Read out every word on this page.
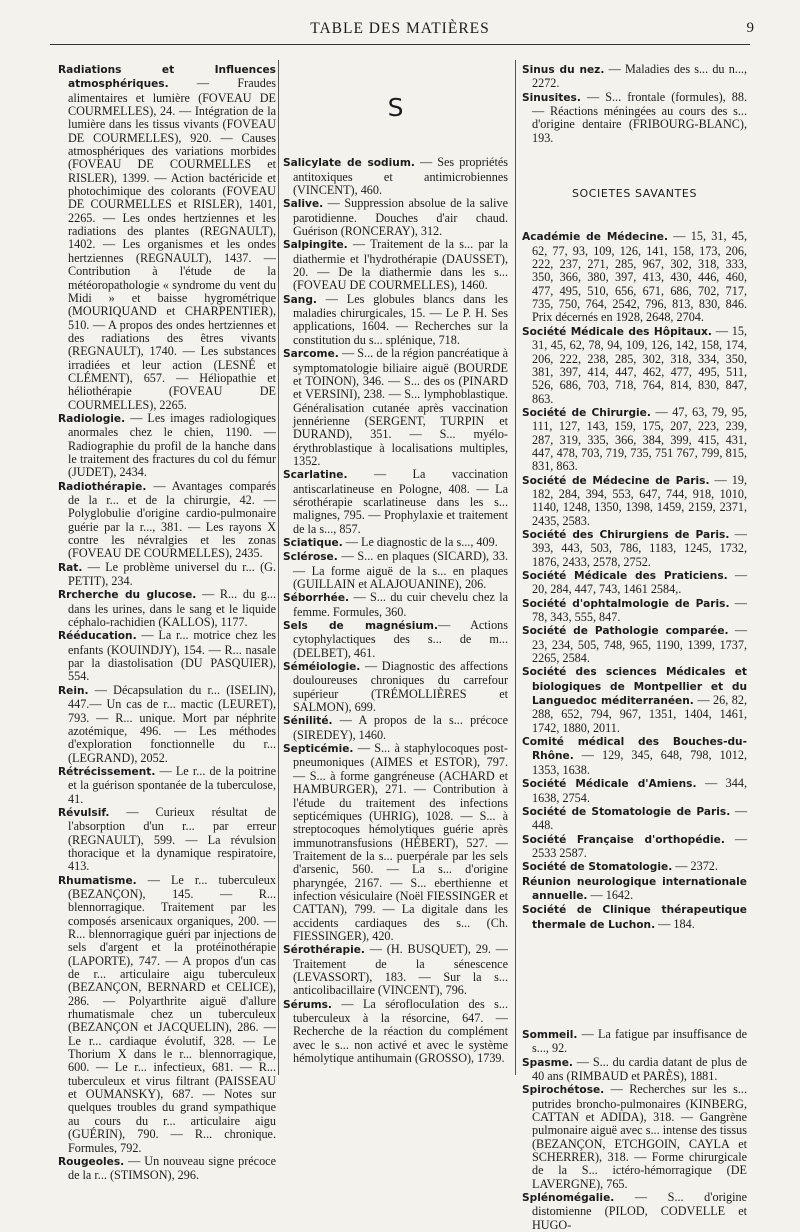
TABLE DES MATIÈRES	9
Radiations et Influences atmosphériques. — Fraudes alimentaires et lumière (FOVEAU DE COURMELLES), 24. — Intégration de la lumière dans les tissus vivants (FOVEAU DE COURMELLES), 920. — Causes atmosphériques des variations morbides (FOVEAU DE COURMELLES et RISLER), 1399. — Action bactéricide et photochimique des colorants (FOVEAU DE COURMELLES et RISLER), 1401, 2265. — Les ondes hertziennes et les radiations des plantes (REGNAULT), 1402. — Les organismes et les ondes hertziennes (REGNAULT), 1437. — Contribution à l'étude de la météoropathologie « syndrome du vent du Midi » et baisse hygrométrique (MOURIQUAND et CHARPENTIER), 510. — A propos des ondes hertziennes et des radiations des êtres vivants (REGNAULT), 1740. — Les substances irradiées et leur action (LESNÉ et CLÉMENT), 657. — Héliopathie et héliothérapie (FOVEAU DE COURMELLES), 2265.
Radiologie. — Les images radiologiques anormales chez le chien, 1190. — Radiographie du profil de la hanche dans le traitement des fractures du col du fémur (JUDET), 2434.
Radiothérapie. — Avantages comparés de la r... et de la chirurgie, 42. — Polyglobulie d'origine cardio-pulmonaire guérie par la r..., 381. — Les rayons X contre les névralgies et les zonas (FOVEAU DE COURMELLES), 2435.
Rat. — Le problème universel du r... (G. PETIT), 234.
Rrcherche du glucose. — R... du g... dans les urines, dans le sang et le liquide céphalo-rachidien (KALLOS), 1177.
Rééducation. — La r... motrice chez les enfants (KOUINDJY), 154. — R... nasale par la diastolisation (DU PASQUIER), 554.
Rein. — Décapsulation du r... (ISELIN), 447.— Un cas de r... mactic (LEURET), 793. — R... unique. Mort par néphrite azotémique, 496. — Les méthodes d'exploration fonctionnelle du r... (LEGRAND), 2052.
Rétrécissement. — Le r... de la poitrine et la guérison spontanée de la tuberculose, 41.
Révulsif. — Curieux résultat de l'absorption d'un r... par erreur (REGNAULT), 599. — La révulsion thoracique et la dynamique respiratoire, 413.
Rhumatisme. — Le r... tuberculeux (BEZANÇON), 145. — R... blennorragique. Traitement par les composés arsenicaux organiques, 200. — R... blennorragique guéri par injections de sels d'argent et la protéinothérapie (LAPORTE), 747. — A propos d'un cas de r... articulaire aigu tuberculeux (BEZANÇON, BERNARD et CELICE), 286. — Polyarthrite aiguë d'allure rhumatismale chez un tuberculeux (BEZANÇON et JACQUELIN), 286. — Le r... cardiaque évolutif, 328. — Le Thorium X dans le r... blennorragique, 600. — Le r... infectieux, 681. — R... tuberculeux et virus filtrant (PAISSEAU et OUMANSKY), 687. — Notes sur quelques troubles du grand sympathique au cours du r... articulaire aigu (GUÉRIN), 790. — R... chronique. Formules, 792.
Rougeoles. — Un nouveau signe précoce de la r... (STIMSON), 296.
S
Salicylate de sodium. — Ses propriétés antitoxiques et antimicrobiennes (VINCENT), 460.
Salive. — Suppression absolue de la salive parotidienne. Douches d'air chaud. Guérison (RONCERAY), 312.
Salpingite. — Traitement de la s... par la diathermie et l'hydrothérapie (DAUSSET), 20. — De la diathermie dans les s... (FOVEAU DE COURMELLES), 1460.
Sang. — Les globules blancs dans les maladies chirurgicales, 15. — Le P. H. Ses applications, 1604. — Recherches sur la constitution du s... splénique, 718.
Sarcome. — S... de la région pancréatique à symptomatologie biliaire aiguë (BOURDE et TOINON), 346. — S... des os (PINARD et VERSINI), 238. — S... lymphoblastique. Généralisation cutanée après vaccination jennérienne (SERGENT, TURPIN et DURAND), 351. — S... myélo-érythroblastique à localisations multiples, 1352.
Scarlatine. — La vaccination antiscarlatineuse en Pologne, 408. — La sérothérapie scarlatineuse dans les s... malignes, 795. — Prophylaxie et traitement de la s..., 857.
Sciatique. — Le diagnostic de la s..., 409.
Sclérose. — S... en plaques (SICARD), 33. — La forme aiguë de la s... en plaques (GUILLAIN et ALAJOUANINE), 206.
Séborrhée. — S... du cuir chevelu chez la femme. Formules, 360.
Sels de magnésium.— Actions cytophylactiques des s... de m... (DELBET), 461.
Séméiologie. — Diagnostic des affections douloureuses chroniques du carrefour supérieur (TRÉMOLLIÈRES et SALMON), 699.
Sénilité. — A propos de la s... précoce (SIREDEY), 1460.
Septicémie. — S... à staphylocoques post-pneumoniques (AIMES et ESTOR), 797. — S... à forme gangréneuse (ACHARD et HAMBURGER), 271. — Contribution à l'étude du traitement des infections septicémiques (UHRIG), 1028. — S... à streptocoques hémolytiques guérie après immunotransfusions (HÉBERT), 527. — Traitement de la s... puerpérale par les sels d'arsenic, 560. — La s... d'origine pharyngée, 2167. — S... eberthienne et infection vésiculaire (Noël FIESSINGER et CATTAN), 799. — La digitale dans les accidents cardiaques des s... (Ch. FIESSINGER), 420.
Sérothérapie. — (H. BUSQUET), 29. — Traitement de la sénescence (LEVASSORT), 183. — Sur la s... anticolibacillaire (VINCENT), 796.
Sérums. — La séroflocuIation des s... tuberculeux à la résorcine, 647. — Recherche de la réaction du complément avec le s... non activé et avec le système hémolytique antihumain (GROSSO), 1739.
Sinus du nez. — Maladies des s... du n..., 2272.
Sinusites. — S... frontale (formules), 88. — Réactions méningées au cours des s... d'origine dentaire (FRIBOURG-BLANC), 193.
SOCIETES SAVANTES
Académie de Médecine. — 15, 31, 45, 62, 77, 93, 109, 126, 141, 158, 173, 206, 222, 237, 271, 285, 967, 302, 318, 333, 350, 366, 380, 397, 413, 430, 446, 460, 477, 495, 510, 656, 671, 686, 702, 717, 735, 750, 764, 2542, 796, 813, 830, 846. Prix décernés en 1928, 2648, 2704.
Société Médicale des Hôpitaux. — 15, 31, 45, 62, 78, 94, 109, 126, 142, 158, 174, 206, 222, 238, 285, 302, 318, 334, 350, 381, 397, 414, 447, 462, 477, 495, 511, 526, 686, 703, 718, 764, 814, 830, 847, 863.
Société de Chirurgie. — 47, 63, 79, 95, 111, 127, 143, 159, 175, 207, 223, 239, 287, 319, 335, 366, 384, 399, 415, 431, 447, 478, 703, 719, 735, 751 767, 799, 815, 831, 863.
Société de Médecine de Paris. — 19, 182, 284, 394, 553, 647, 744, 918, 1010, 1140, 1248, 1350, 1398, 1459, 2159, 2371, 2435, 2583.
Société des Chirurgiens de Paris. — 393, 443, 503, 786, 1183, 1245, 1732, 1876, 2433, 2578, 2752.
Société Médicale des Praticiens. — 20, 284, 447, 743, 1461 2584,.
Société d'ophtalmologie de Paris. — 78, 343, 555, 847.
Société de Pathologie comparée. — 23, 234, 505, 748, 965, 1190, 1399, 1737, 2265, 2584.
Société des sciences Médicales et biologiques de Montpellier et du Languedoc méditerranéen. — 26, 82, 288, 652, 794, 967, 1351, 1404, 1461, 1742, 1880, 2011.
Comité médical des Bouches-du-Rhône. — 129, 345, 648, 798, 1012, 1353, 1638.
Société Médicale d'Amiens. — 344, 1638, 2754.
Société de Stomatologie de Paris. — 448.
Société Française d'orthopédie. — 2533 2587.
Société de Stomatologie. — 2372.
Réunion neurologique internationale annuelle. — 1642.
Société de Clinique thérapeutique thermale de Luchon. — 184.
Sommeil. — La fatigue par insuffisance de s..., 92.
Spasme. — S... du cardia datant de plus de 40 ans (RIMBAUD et PARÈS), 1881.
Spirochétose. — Recherches sur les s... putrides broncho-pulmonaires (KINBERG, CATTAN et ADIDA), 318. — Gangrène pulmonaire aiguë avec s... intense des tissus (BEZANÇON, ETCHGOIN, CAYLA et SCHERRER), 318. — Forme chirurgicale de la S... ictéro-hémorragique (DE LAVERGNE), 765.
Splénomégalie. — S... d'origine distomienne (PILOD, CODVELLE et HUGO-
